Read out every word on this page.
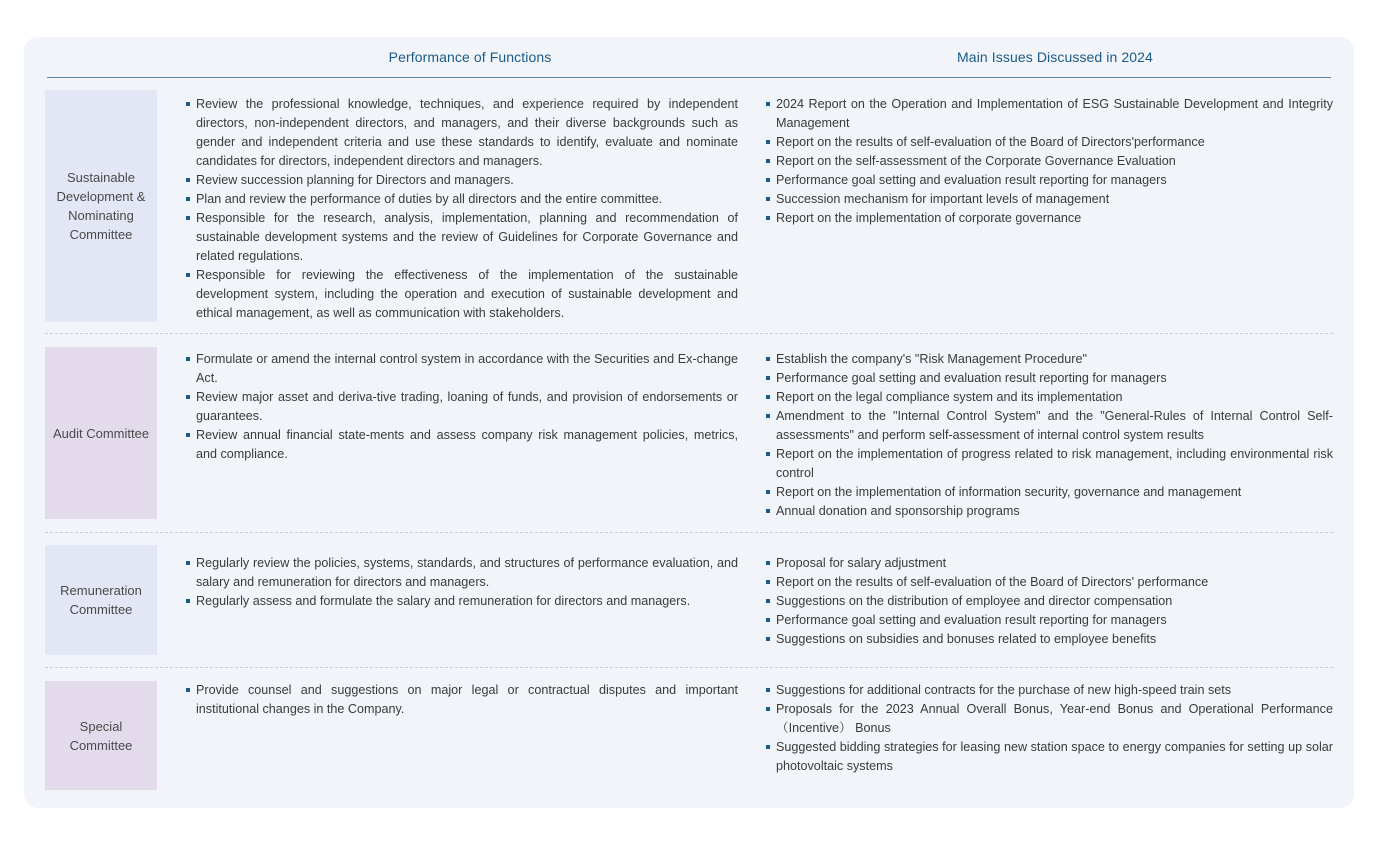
Performance of Functions	Main Issues Discussed in 2024
Sustainable Development & Nominating Committee
Review the professional knowledge, techniques, and experience required by independent directors, non-independent directors, and managers, and their diverse backgrounds such as gender and independent criteria and use these standards to identify, evaluate and nominate candidates for directors, independent directors and managers.
Review succession planning for Directors and managers.
Plan and review the performance of duties by all directors and the entire committee.
Responsible for the research, analysis, implementation, planning and recommendation of sustainable development systems and the review of Guidelines for Corporate Governance and related regulations.
Responsible for reviewing the effectiveness of the implementation of the sustainable development system, including the operation and execution of sustainable development and ethical management, as well as communication with stakeholders.
2024 Report on the Operation and Implementation of ESG Sustainable Development and Integrity Management
Report on the results of self-evaluation of the Board of Directors'performance
Report on the self-assessment of the Corporate Governance Evaluation
Performance goal setting and evaluation result reporting for managers
Succession mechanism for important levels of management
Report on the implementation of corporate governance
Audit Committee
Formulate or amend the internal control system in accordance with the Securities and Ex-change Act.
Review major asset and deriva-tive trading, loaning of funds, and provision of endorsements or guarantees.
Review annual financial state-ments and assess company risk management policies, metrics, and compliance.
Establish the company's "Risk Management Procedure"
Performance goal setting and evaluation result reporting for managers
Report on the legal compliance system and its implementation
Amendment to the "Internal Control System" and the "General-Rules of Internal Control Self-assessments" and perform self-assessment of internal control system results
Report on the implementation of progress related to risk management, including environmental risk control
Report on the implementation of information security, governance and management
Annual donation and sponsorship programs
Remuneration Committee
Regularly review the policies, systems, standards, and structures of performance evaluation, and salary and remuneration for directors and managers.
Regularly assess and formulate the salary and remuneration for directors and managers.
Proposal for salary adjustment
Report on the results of self-evaluation of the Board of Directors' performance
Suggestions on the distribution of employee and director compensation
Performance goal setting and evaluation result reporting for managers
Suggestions on subsidies and bonuses related to employee benefits
Special Committee
Provide counsel and suggestions on major legal or contractual disputes and important institutional changes in the Company.
Suggestions for additional contracts for the purchase of new high-speed train sets
Proposals for the 2023 Annual Overall Bonus, Year-end Bonus and Operational Performance （Incentive） Bonus
Suggested bidding strategies for leasing new station space to energy companies for setting up solar photovoltaic systems
